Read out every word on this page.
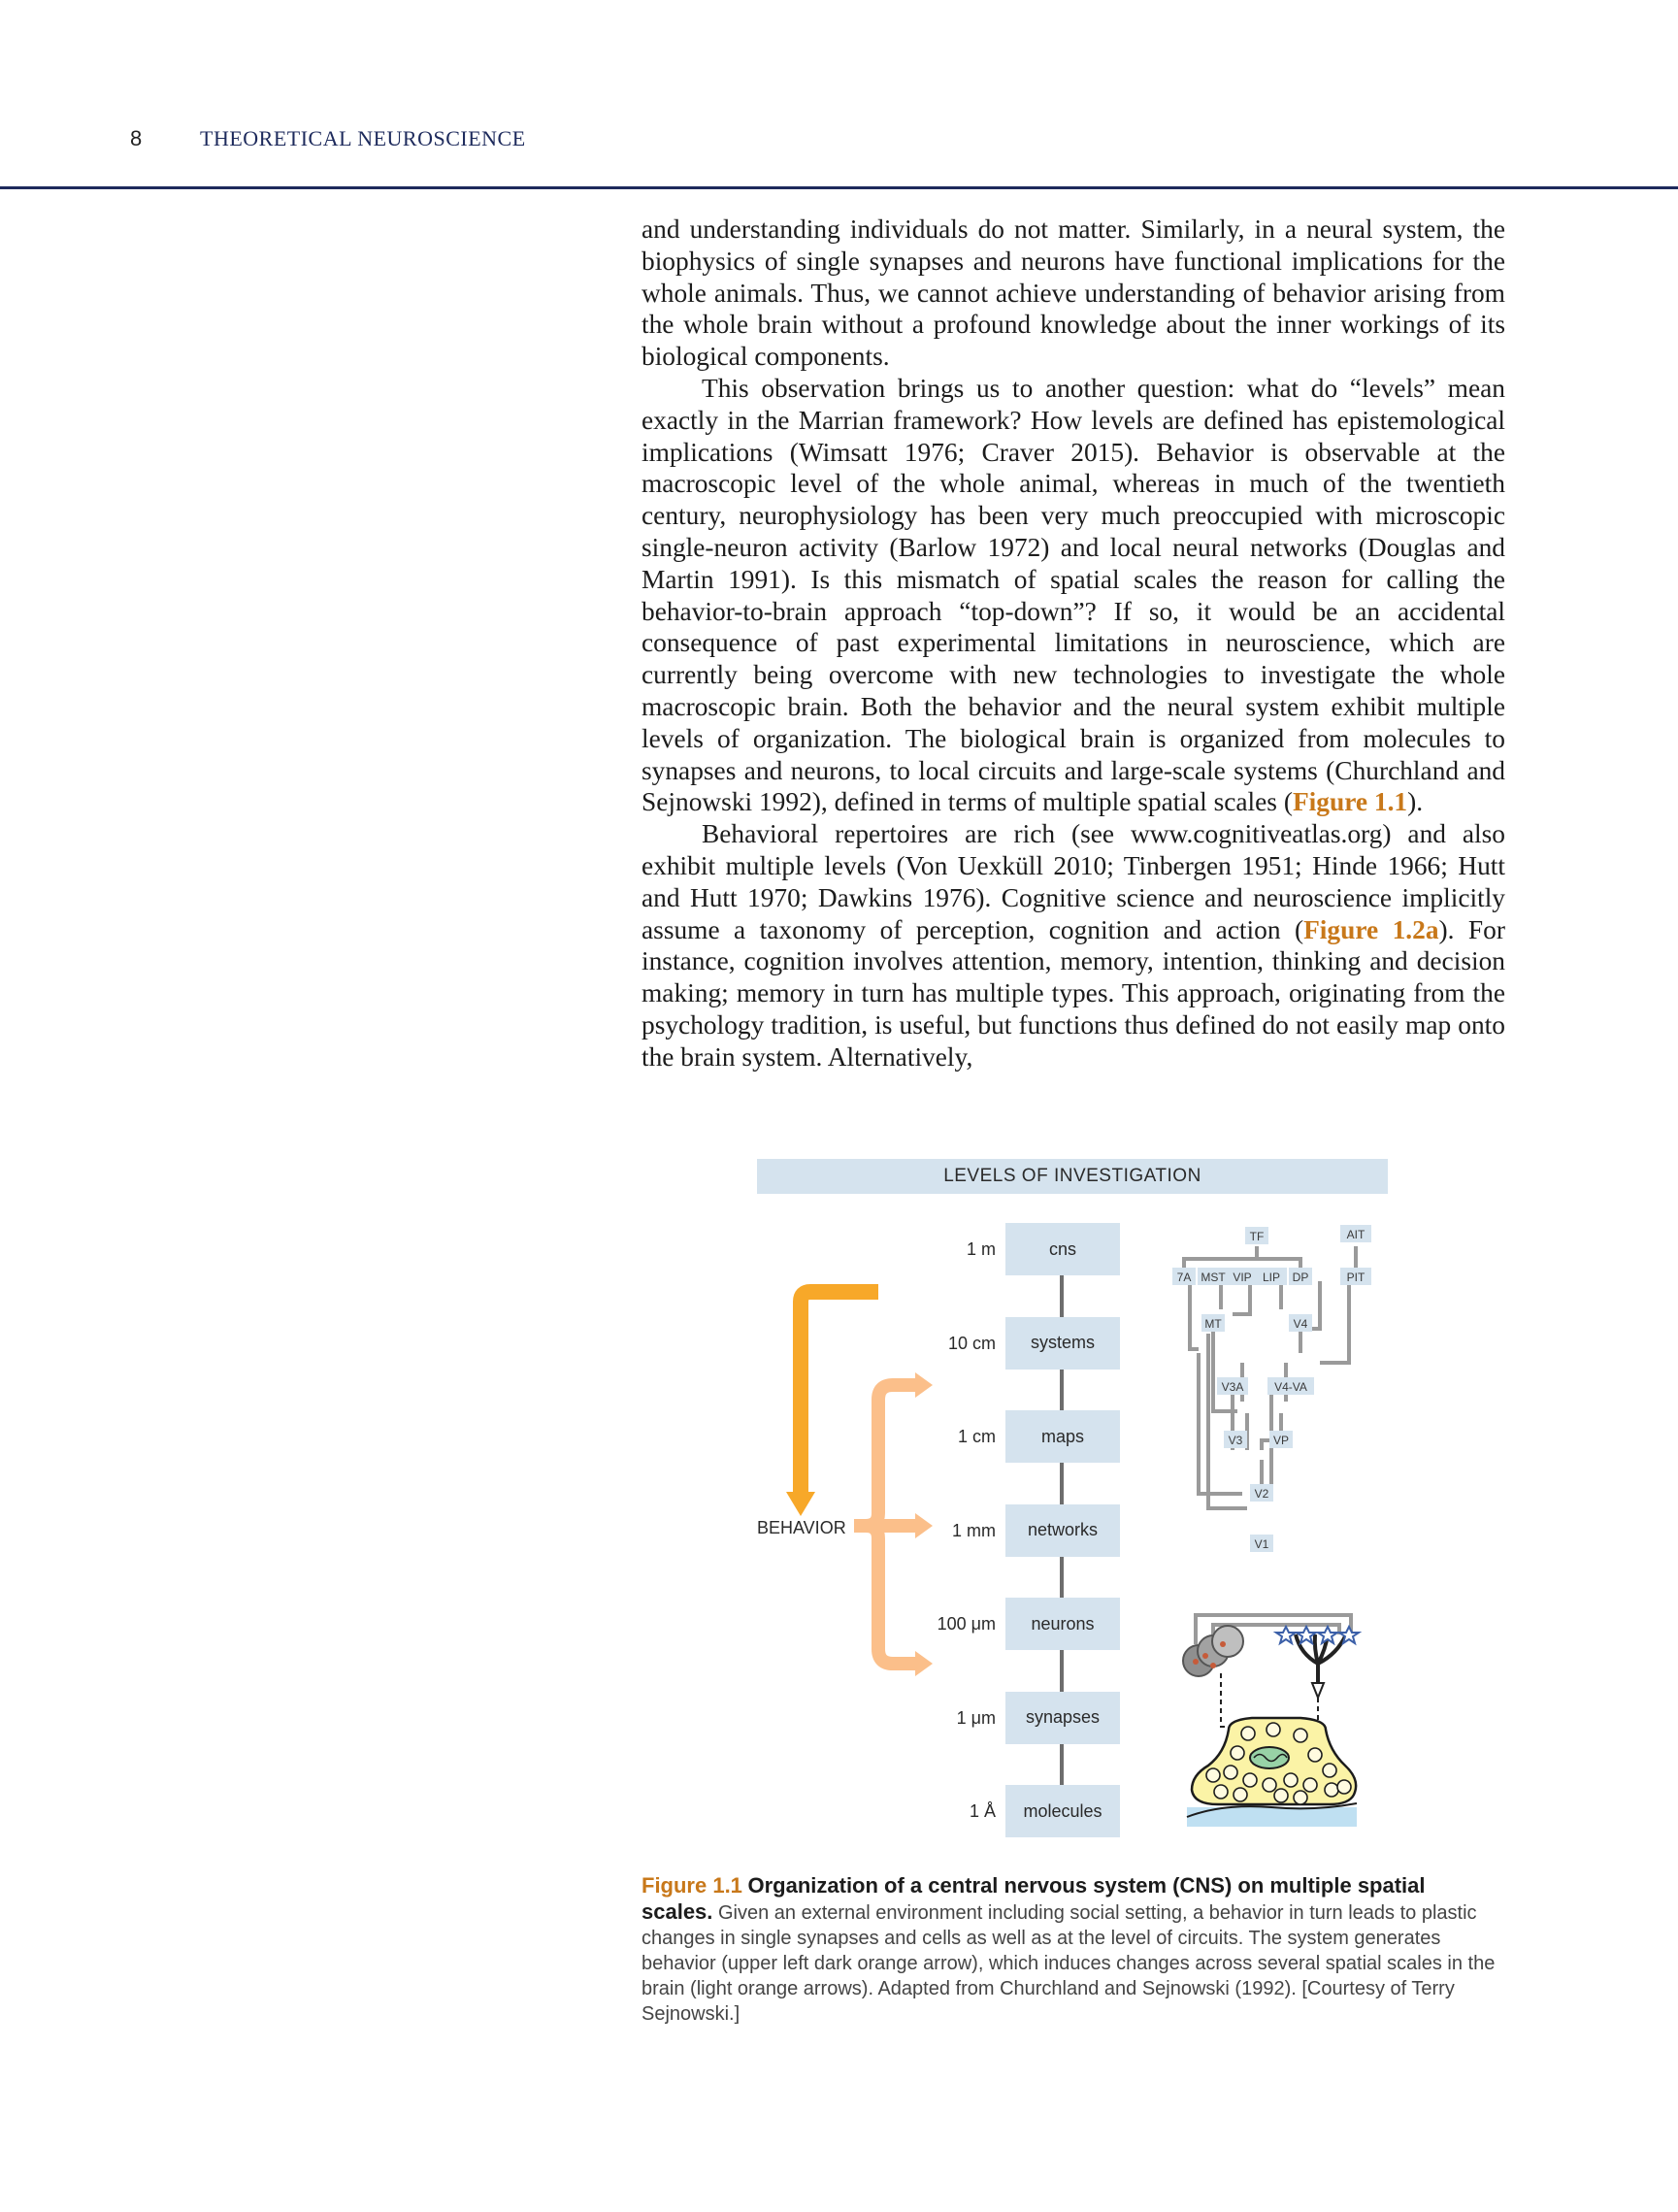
8	THEORETICAL NEUROSCIENCE

and understanding individuals do not matter. Similarly, in a neural system, the biophysics of single synapses and neurons have functional implications for the whole animals. Thus, we cannot achieve understanding of behavior arising from the whole brain without a profound knowledge about the inner workings of its biological components.

This observation brings us to another question: what do “levels” mean exactly in the Marrian framework? How levels are defined has epistemological implications (Wimsatt 1976; Craver 2015). Behavior is observable at the macroscopic level of the whole animal, whereas in much of the twentieth century, neurophysiology has been very much preoccupied with microscopic single-neuron activity (Barlow 1972) and local neural networks (Douglas and Martin 1991). Is this mismatch of spatial scales the reason for calling the behavior-to-brain approach “top-down”? If so, it would be an accidental consequence of past experimental limitations in neuroscience, which are currently being overcome with new technologies to investigate the whole macroscopic brain. Both the behavior and the neural system exhibit multiple levels of organization. The biological brain is organized from molecules to synapses and neurons, to local circuits and large-scale systems (Churchland and Sejnowski 1992), defined in terms of multiple spatial scales (Figure 1.1).

Behavioral repertoires are rich (see www.cognitiveatlas.org) and also exhibit multiple levels (Von Uexküll 2010; Tinbergen 1951; Hinde 1966; Hutt and Hutt 1970; Dawkins 1976). Cognitive science and neuroscience implicitly assume a taxonomy of perception, cognition and action (Figure 1.2a). For instance, cognition involves attention, memory, intention, thinking and decision making; memory in turn has multiple types. This approach, originating from the psychology tradition, is useful, but functions thus defined do not easily map onto the brain system. Alternatively,

LEVELS OF INVESTIGATION
TF	AIT
7A MST VIP LIP DP	PIT
MT	V4
V3A	V4-VA
V3	VP
V2
V1
1 m	cns
10 cm	systems
1 cm	maps
1 mm	networks
100 μm	neurons
1 μm	synapses
1 Å	molecules
BEHAVIOR
Figure 1.1 Organization of a central nervous system (CNS) on multiple spatial scales. Given an external environment including social setting, a behavior in turn leads to plastic changes in single synapses and cells as well as at the level of circuits. The system generates behavior (upper left dark orange arrow), which induces changes across several spatial scales in the brain (light orange arrows). Adapted from Churchland and Sejnowski (1992). [Courtesy of Terry Sejnowski.]
